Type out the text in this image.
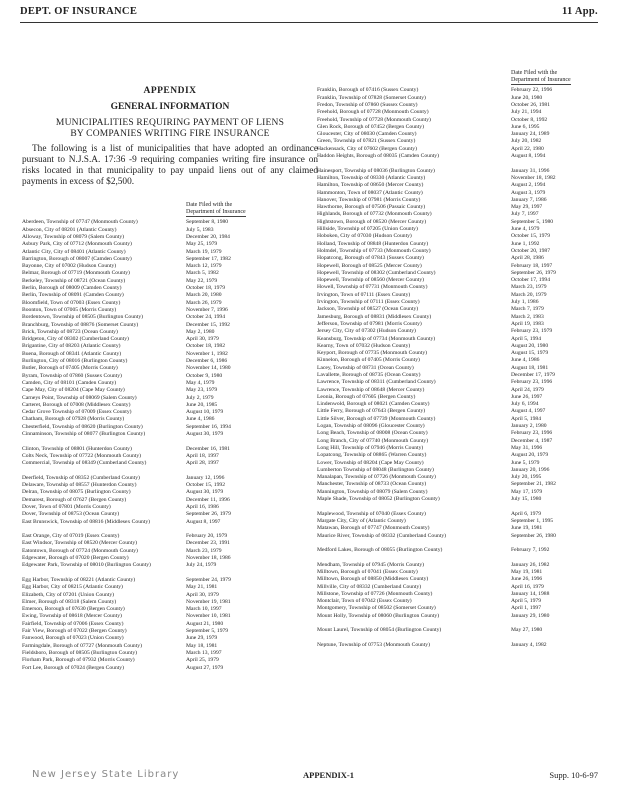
DEPT. OF INSURANCE	11 App.
APPENDIX
GENERAL INFORMATION
MUNICIPALITIES REQUIRING PAYMENT OF LIENS
BY COMPANIES WRITING FIRE INSURANCE
The following is a list of municipalities that have adopted an ordinance pursuant to N.J.S.A. 17:36 -9 requiring companies writing fire insurance on risks located in that municipality to pay unpaid liens out of any claimed payments in excess of $2,500.
Date Filed with the
Department of Insurance
Aberdeen, Township of 07747 (Monmouth County)	September 8, 1980
Absecon, City of 08201 (Atlantic County)	July 5, 1983
Alloway, Township of 08079 (Salem County)	December 20, 1984
Asbury Park, City of 07712 (Monmouth County)	May 25, 1979
Atlantic City, City of 08401 (Atlantic County)	March 19, 1979
Barrington, Borough of 08007 (Camden County)	September 17, 1982
Bayonne, City of 07002 (Hudson County)	March 12, 1979
Belmar, Borough of 07719 (Monmouth County)	March 5, 1982
Berkeley, Township of 08721 (Ocean County)	May 22, 1979
Berlin, Borough of 08009 (Camden County)	October 18, 1979
Berlin, Township of 08091 (Camden County)	March 20, 1980
Bloomfield, Town of 07003 (Essex County)	March 26, 1979
Boonton, Town of 07005 (Morris County)	November 7, 1996
Bordentown, Township of 08505 (Burlington County)	October 24, 1994
Branchburg, Township of 08876 (Somerset County)	December 15, 1992
Brick, Township of 08723 (Ocean County)	May 2, 1980
Bridgeton, City of 08302 (Cumberland County)	April 30, 1979
Brigantine, City of 08203 (Atlantic County)	October 18, 1982
Buena, Borough of 08341 (Atlantic County)	November 1, 1982
Burlington, City of 08016 (Burlington County)	December 6, 1986
Butler, Borough of 07405 (Morris County)	November 14, 1980
Byram, Township of 07860 (Sussex County)	October 9, 1980
Camden, City of 08101 (Camden County)	May 4, 1979
Cape May, City of 08204 (Cape May County)	May 23, 1979
Carneys Point, Township of 08069 (Salem County)	July 2, 1979
Carteret, Borough of 07008 (Middlesex County)	June 20, 1985
Cedar Grove Township of 07009 (Essex County)	August 10, 1979
Chatham, Borough of 07928 (Morris County)	June 4, 1986
Chesterfield, Township of 08620 (Burlington County)	September 16, 1994
Cinnaminson, Township of 08077 (Burlington County)	August 30, 1979
Clinton, Township of 08801 (Hunterdon County)	December 16, 1981
Colts Neck, Township of 07722 (Monmouth County)	April 18, 1997
Commercial, Township of 08349 (Cumberland County)	April 28, 1997
Deerfield, Township of 08352 (Cumberland County)	January 12, 1996
Delaware, Township of 08557 (Hunterdon County)	October 15, 1992
Delran, Township of 08075 (Burlington County)	August 30, 1979
Demarest, Borough of 07627 (Bergen County)	December 11, 1996
Dover, Town of 07801 (Morris County)	April 16, 1986
Dover, Township of 08753 (Ocean County)	September 26, 1979
East Brunswick, Township of 08816 (Middlesex County)	August 8, 1997
East Orange, City of 07019 (Essex County)	February 20, 1979
East Windsor, Township of 08520 (Mercer County)	December 23, 1991
Eatontown, Borough of 07724 (Monmouth County)	March 23, 1979
Edgewater, Borough of 07020 (Bergen County)	November 18, 1986
Edgewater Park, Township of 08010 (Burlington County)	July 24, 1979
Egg Harbor, Township of 08221 (Atlantic County)	September 24, 1979
Egg Harbor, City of 08215 (Atlantic County)	May 21, 1981
Elizabeth, City of 07201 (Union County)	April 30, 1979
Elmer, Borough of 08318 (Salem County)	November 19, 1981
Emerson, Borough of 07630 (Bergen County)	March 10, 1997
Ewing, Township of 08618 (Mercer County)	November 10, 1981
Fairfield, Township of 07006 (Essex County)	August 21, 1980
Fair View, Borough of 07022 (Bergen County)	September 5, 1979
Fanwood, Borough of 07023 (Union County)	June 29, 1979
Farmingdale, Borough of 07727 (Monmouth County)	May 18, 1981
Fieldsboro, Borough of 08505 (Burlington County)	March 13, 1997
Florham Park, Borough of 07932 (Morris County)	April 25, 1979
Fort Lee, Borough of 07024 (Bergen County)	August 27, 1979
Date Filed with the
Department of Insurance
Franklin, Borough of 07416 (Sussex County)	February 22, 1996
Franklin, Township of 07828 (Somerset County)	June 20, 1980
Fredon, Township of 07860 (Sussex County)	October 26, 1981
Freehold, Borough of 07728 (Monmouth County)	July 21, 1994
Freehold, Township of 07728 (Monmouth County)	October 8, 1992
Glen Rock, Borough of 07452 (Bergen County)	June 6, 1995
Gloucester, City of 08030 (Camden County)	January 24, 1989
Green, Township of 07821 (Sussex County)	July 20, 1982
Hackensack, City of 07602 (Bergen County)	April 22, 1980
Haddon Heights, Borough of 08035 (Camden County)	August 8, 1994
Hainesport, Township of 08036 (Burlington County)	January 31, 1996
Hamilton, Township of 08330 (Atlantic County)	November 18, 1982
Hamilton, Township of 08650 (Mercer County)	August 2, 1994
Hammonton, Town of 08037 (Atlantic County)	August 3, 1979
Hanover, Township of 07981 (Morris County)	January 7, 1986
Hawthorne, Borough of 07506 (Passaic County)	May 29, 1997
Highlands, Borough of 07732 (Monmouth County)	July 7, 1997
Hightstown, Borough of 08520 (Mercer County)	September 5, 1980
Hillside, Township of 07205 (Union County)	June 4, 1979
Hoboken, City of 07030 (Hudson County)	October 15, 1979
Holland, Township of 08848 (Hunterdon County)	June 1, 1992
Holmdel, Township of 07733 (Monmouth County)	October 20, 1987
Hopatcong, Borough of 07843 (Sussex County)	April 28, 1986
Hopewell, Borough of 08525 (Mercer County)	February 18, 1997
Hopewell, Township of 08302 (Cumberland County)	September 26, 1979
Hopewell, Township of 08560 (Mercer County)	October 17, 1994
Howell, Township of 07731 (Monmouth County)	March 23, 1979
Irvington, Town of 07111 (Essex County)	March 20, 1979
Irvington, Township of 07111 (Essex County)	July 1, 1986
Jackson, Township of 08527 (Ocean County)	March 7, 1979
Jamesburg, Borough of 08831 (Middlesex County)	March 2, 1983
Jefferson, Township of 07981 (Morris County)	April 19, 1983
Jersey City, City of 07302 (Hudson County)	February 23, 1979
Keansburg, Township of 07734 (Monmouth County)	April 5, 1994
Kearny, Town of 07032 (Hudson County)	August 20, 1980
Keyport, Borough of 07735 (Monmouth County)	August 15, 1979
Kinnelon, Borough of 07405 (Morris County)	June 4, 1986
Lacey, Township of 08731 (Ocean County)	August 18, 1981
Lavallette, Borough of 08735 (Ocean County)	December 17, 1979
Lawrence, Township of 08311 (Cumberland County)	February 23, 1996
Lawrence, Township of 08648 (Mercer County)	April 24, 1979
Leonia, Borough of 07605 (Bergen County)	June 26, 1997
Lindenwold, Borough of 08021 (Camden County)	July 6, 1994
Little Ferry, Borough of 07643 (Bergen County)	August 4, 1997
Little Silver, Borough of 07739 (Monmouth County)	April 5, 1984
Logan, Township of 08096 (Gloucester County)	January 2, 1980
Long Beach, Township of 08008 (Ocean County)	February 23, 1996
Long Branch, City of 07740 (Monmouth County)	December 4, 1987
Long Hill, Township of 07946 (Morris County)	May 31, 1996
Lopatcong, Township of 08865 (Warren County)	August 20, 1979
Lower, Township of 08204 (Cape May County)	June 5, 1979
Lumberton Township of 08048 (Burlington County)	January 20, 1996
Manalapan, Township of 07726 (Monmouth County)	July 20, 1995
Manchester, Township of 08733 (Ocean County)	September 21, 1982
Mannington, Township of 08079 (Salem County)	May 17, 1979
Maple Shade, Township of 08052 (Burlington County)	July 15, 1980
Maplewood, Township of 07040 (Essex County)	April 6, 1979
Margate City, City of (Atlantic County)	September 1, 1995
Matawan, Borough of 07747 (Monmouth County)	June 19, 1981
Maurice River, Township of 08332 (Cumberland County)	September 26, 1980
Medford Lakes, Borough of 08055 (Burlington County)	February 7, 1992
Mendham, Township of 07945 (Morris County)	January 26, 1982
Milltown, Borough of 07041 (Essex County)	May 19, 1981
Milltown, Borough of 08850 (Middlesex County)	June 26, 1996
Millville, City of 08332 (Cumberland County)	April 16, 1979
Millstone, Township of 07726 (Monmouth County)	January 14, 1988
Montclair, Town of 07042 (Essex County)	April 5, 1979
Montgomery, Township of 08502 (Somerset County)	April 1, 1997
Mount Holly, Township of 08060 (Burlington County)	January 29, 1980
Mount Laurel, Township of 08054 (Burlington County)	May 27, 1980
Neptune, Township of 07753 (Monmouth County)	January 4, 1982
New Jersey State Library	APPENDIX-1	Supp. 10-6-97
